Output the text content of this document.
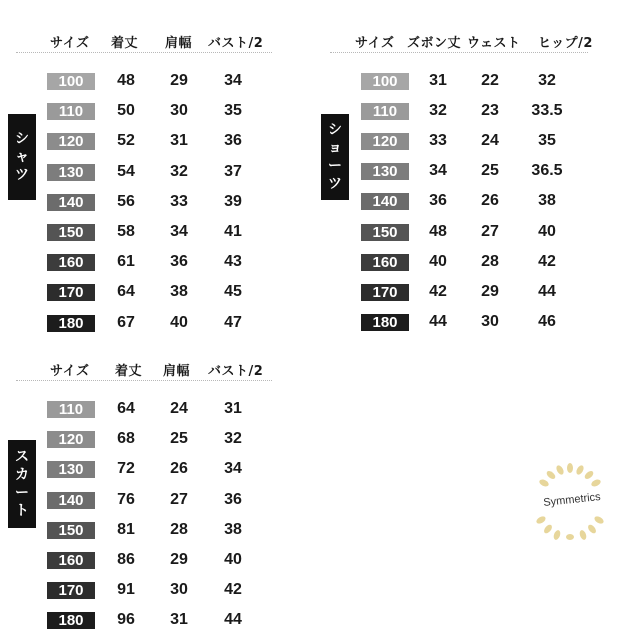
サイズ 着丈 肩幅 バスト/2
シ
ャ
ツ
100	48	29	34
110	50	30	35
120	52	31	36
130	54	32	37
140	56	33	39
150	58	34	41
160	61	36	43
170	64	38	45
180	67	40	47
サイズ ズボン丈 ウェスト ヒップ/2
シ
ョ
ー
ツ
100	31	22	32
110	32	23	33.5
120	33	24	35
130	34	25	36.5
140	36	26	38
150	48	27	40
160	40	28	42
170	42	29	44
180	44	30	46
サイズ 着丈 肩幅 バスト/2
ス
カ
ー
ト
110	64	24	31
120	68	25	32
130	72	26	34
140	76	27	36
150	81	28	38
160	86	29	40
170	91	30	42
180	96	31	44
Symmetrics
